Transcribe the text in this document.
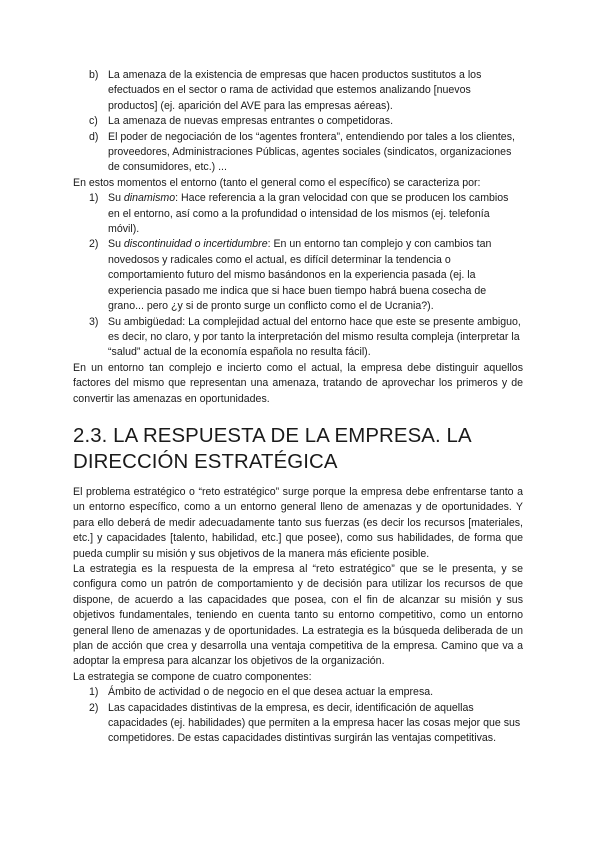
b) La amenaza de la existencia de empresas que hacen productos sustitutos a los efectuados en el sector o rama de actividad que estemos analizando [nuevos productos] (ej. aparición del AVE para las empresas aéreas).
c) La amenaza de nuevas empresas entrantes o competidoras.
d) El poder de negociación de los “agentes frontera”, entendiendo por tales a los clientes, proveedores, Administraciones Públicas, agentes sociales (sindicatos, organizaciones de consumidores, etc.) ...

En estos momentos el entorno (tanto el general como el específico) se caracteriza por:

1) Su dinamismo: Hace referencia a la gran velocidad con que se producen los cambios en el entorno, así como a la profundidad o intensidad de los mismos (ej. telefonía móvil).
2) Su discontinuidad o incertidumbre: En un entorno tan complejo y con cambios tan novedosos y radicales como el actual, es difícil determinar la tendencia o comportamiento futuro del mismo basándonos en la experiencia pasada (ej. la experiencia pasado me indica que si hace buen tiempo habrá buena cosecha de grano... pero ¿y si de pronto surge un conflicto como el de Ucrania?).
3) Su ambigüedad: La complejidad actual del entorno hace que este se presente ambiguo, es decir, no claro, y por tanto la interpretación del mismo resulta compleja (interpretar la “salud” actual de la economía española no resulta fácil).

En un entorno tan complejo e incierto como el actual, la empresa debe distinguir aquellos factores del mismo que representan una amenaza, tratando de aprovechar los primeros y de convertir las amenazas en oportunidades.

2.3. LA RESPUESTA DE LA EMPRESA. LA DIRECCIÓN ESTRATÉGICA

El problema estratégico o “reto estratégico” surge porque la empresa debe enfrentarse tanto a un entorno específico, como a un entorno general lleno de amenazas y de oportunidades. Y para ello deberá de medir adecuadamente tanto sus fuerzas (es decir los recursos [materiales, etc.] y capacidades [talento, habilidad, etc.] que posee), como sus habilidades, de forma que pueda cumplir su misión y sus objetivos de la manera más eficiente posible.

La estrategia es la respuesta de la empresa al “reto estratégico” que se le presenta, y se configura como un patrón de comportamiento y de decisión para utilizar los recursos de que dispone, de acuerdo a las capacidades que posea, con el fin de alcanzar su misión y sus objetivos fundamentales, teniendo en cuenta tanto su entorno competitivo, como un entorno general lleno de amenazas y de oportunidades. La estrategia es la búsqueda deliberada de un plan de acción que crea y desarrolla una ventaja competitiva de la empresa. Camino que va a adoptar la empresa para alcanzar los objetivos de la organización.

La estrategia se compone de cuatro componentes:

1) Ámbito de actividad o de negocio en el que desea actuar la empresa.
2) Las capacidades distintivas de la empresa, es decir, identificación de aquellas capacidades (ej. habilidades) que permiten a la empresa hacer las cosas mejor que sus competidores. De estas capacidades distintivas surgirán las ventajas competitivas.
